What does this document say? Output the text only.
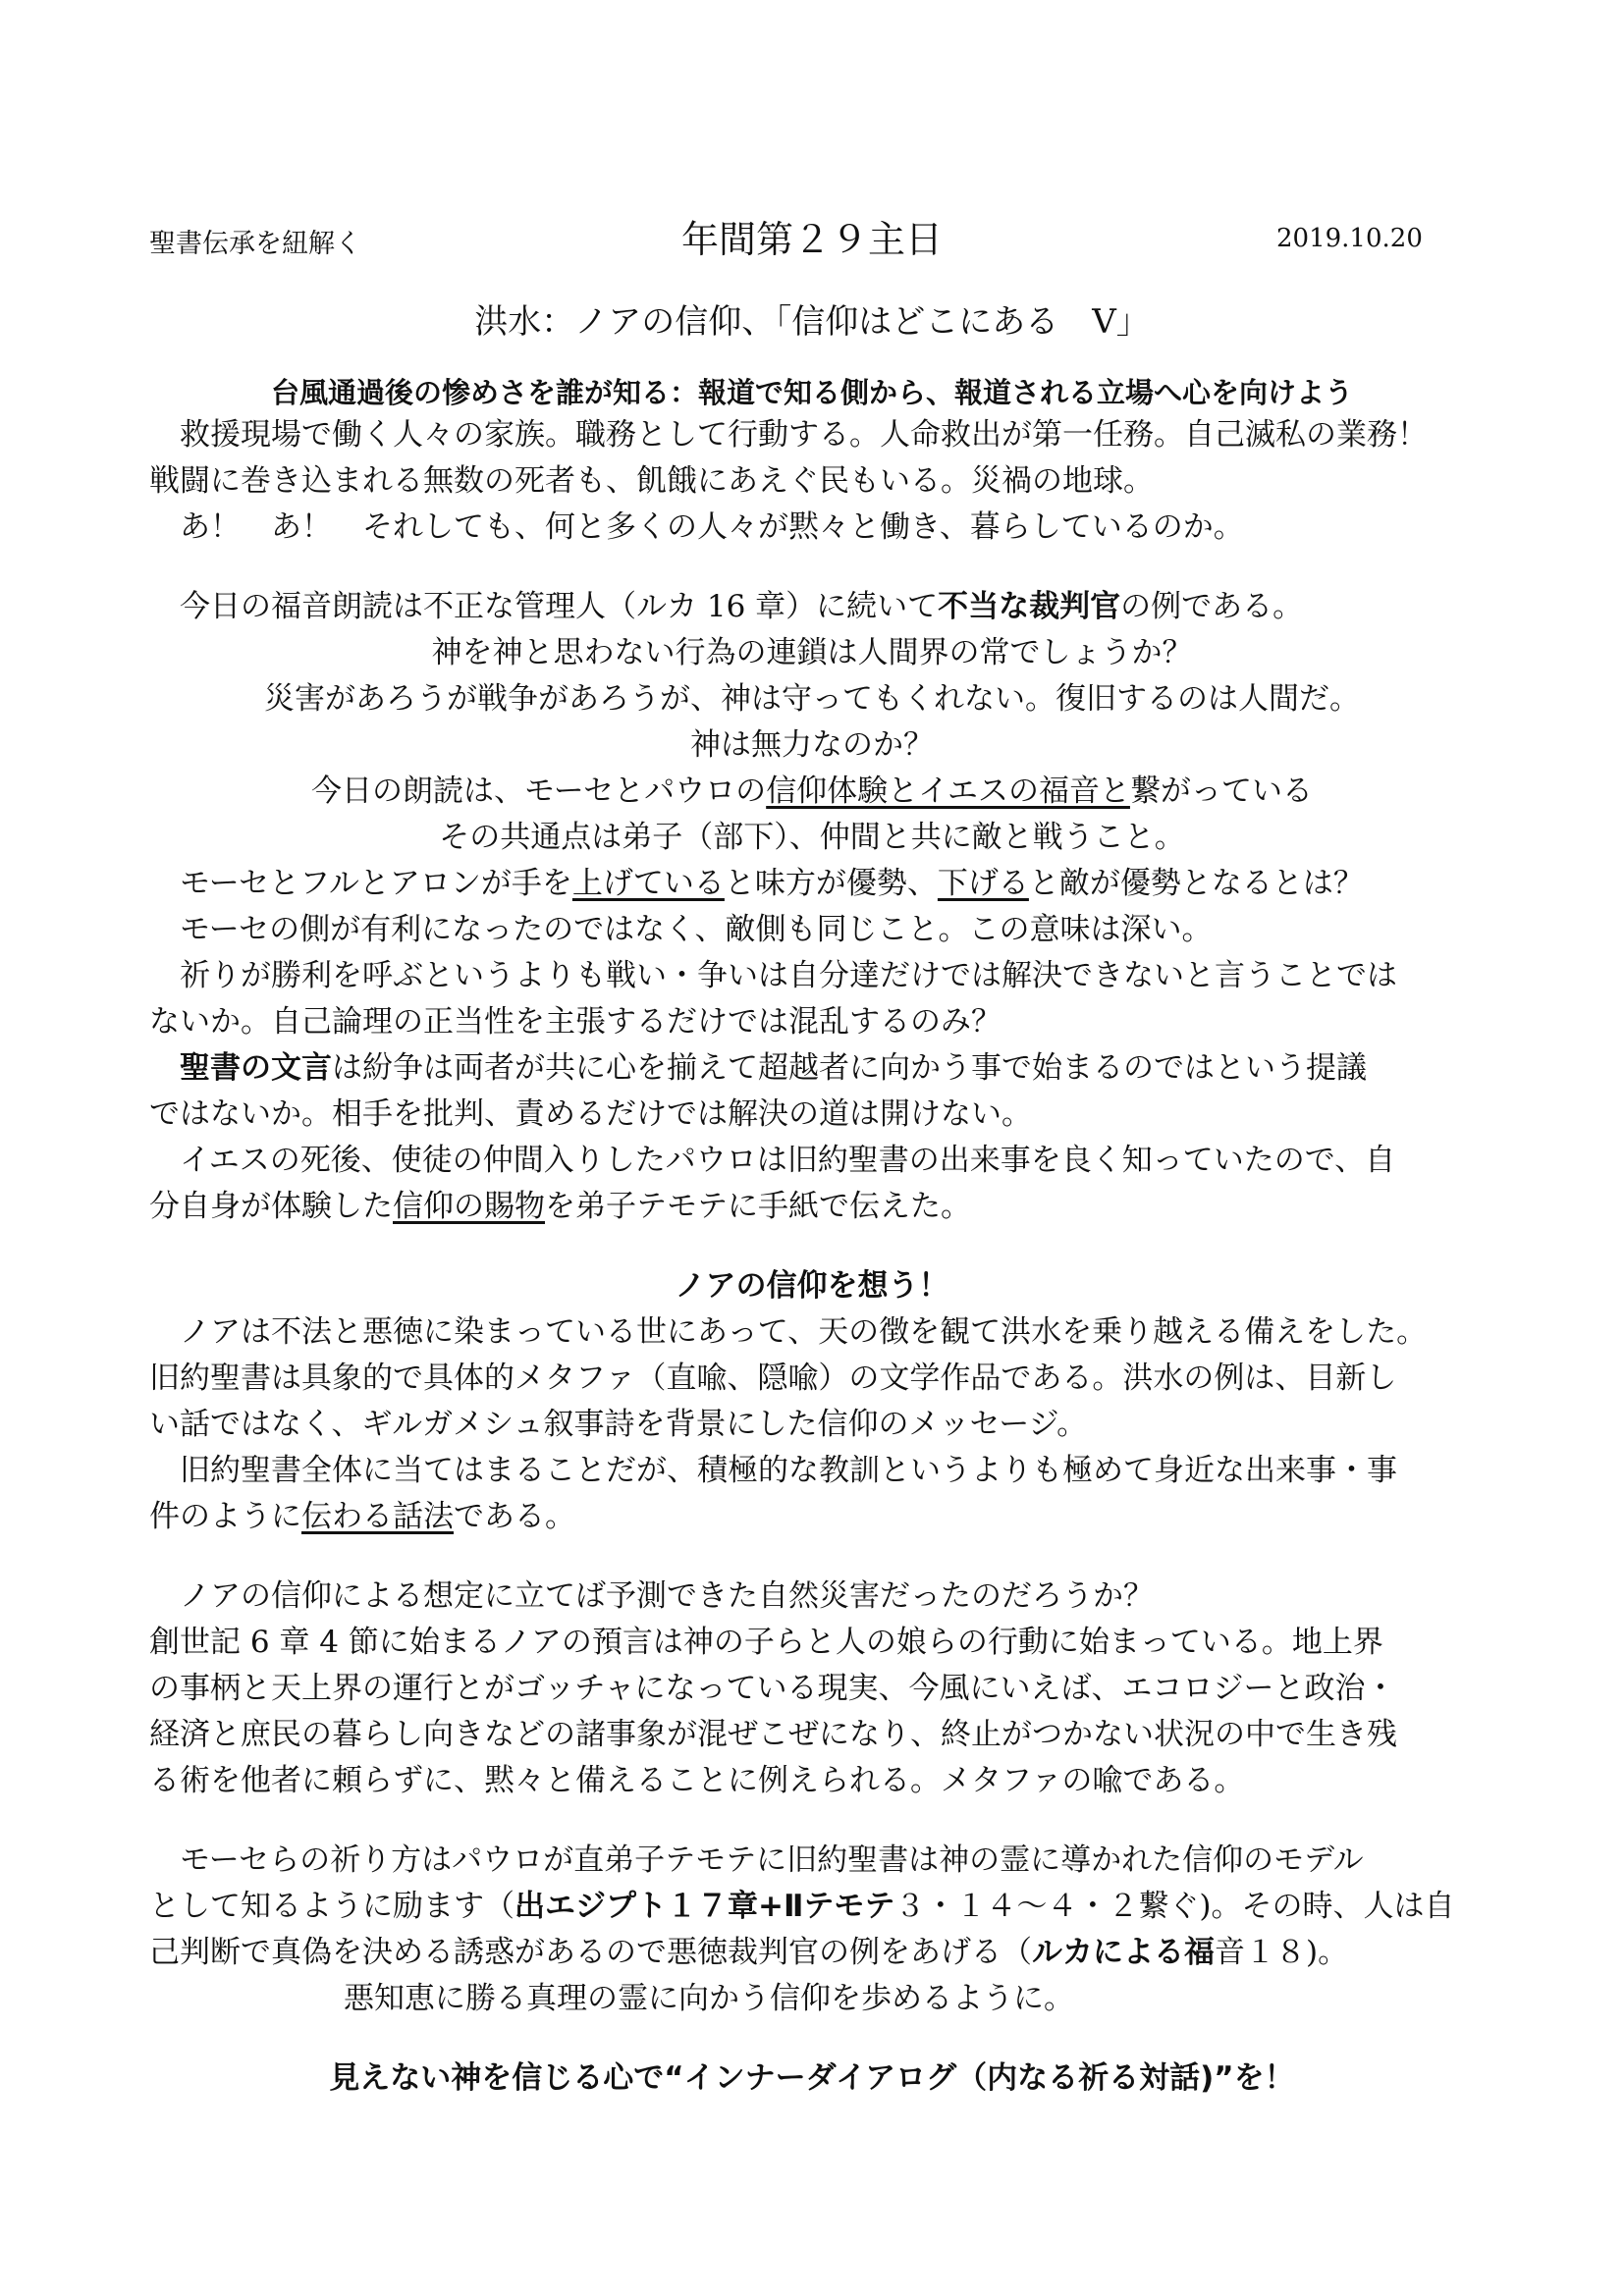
聖書伝承を紐解く	年間第２９主日	2019.10.20
洪水：ノアの信仰、「信仰はどこにある　V」
台風通過後の惨めさを誰が知る：報道で知る側から、報道される立場へ心を向けよう
　救援現場で働く人々の家族。職務として行動する。人命救出が第一任務。自己滅私の業務！
戦闘に巻き込まれる無数の死者も、飢餓にあえぐ民もいる。災禍の地球。
　あ！　あ！　それしても、何と多くの人々が黙々と働き、暮らしているのか。
　今日の福音朗読は不正な管理人（ルカ 16 章）に続いて不当な裁判官の例である。
神を神と思わない行為の連鎖は人間界の常でしょうか？
災害があろうが戦争があろうが、神は守ってもくれない。復旧するのは人間だ。
神は無力なのか？
今日の朗読は、モーセとパウロの信仰体験とイエスの福音と繋がっている
その共通点は弟子（部下）、仲間と共に敵と戦うこと。
　モーセとフルとアロンが手を上げていると味方が優勢、下げると敵が優勢となるとは？
　モーセの側が有利になったのではなく、敵側も同じこと。この意味は深い。
　祈りが勝利を呼ぶというよりも戦い・争いは自分達だけでは解決できないと言うことでは
ないか。自己論理の正当性を主張するだけでは混乱するのみ？
　聖書の文言は紛争は両者が共に心を揃えて超越者に向かう事で始まるのではという提議
ではないか。相手を批判、責めるだけでは解決の道は開けない。
　イエスの死後、使徒の仲間入りしたパウロは旧約聖書の出来事を良く知っていたので、自
分自身が体験した信仰の賜物を弟子テモテに手紙で伝えた。
ノアの信仰を想う！
　ノアは不法と悪徳に染まっている世にあって、天の徴を観て洪水を乗り越える備えをした。
旧約聖書は具象的で具体的メタファ（直喩、隠喩）の文学作品である。洪水の例は、目新し
い話ではなく、ギルガメシュ叙事詩を背景にした信仰のメッセージ。
　旧約聖書全体に当てはまることだが、積極的な教訓というよりも極めて身近な出来事・事
件のように伝わる話法である。
　ノアの信仰による想定に立てば予測できた自然災害だったのだろうか？
創世記 6 章 4 節に始まるノアの預言は神の子らと人の娘らの行動に始まっている。地上界
の事柄と天上界の運行とがゴッチャになっている現実、今風にいえば、エコロジーと政治・
経済と庶民の暮らし向きなどの諸事象が混ぜこぜになり、終止がつかない状況の中で生き残
る術を他者に頼らずに、黙々と備えることに例えられる。メタファの喩である。
　モーセらの祈り方はパウロが直弟子テモテに旧約聖書は神の霊に導かれた信仰のモデル
として知るように励ます（出エジプト１７章+Ⅱテモテ３・１４～４・２繋ぐ)。その時、人は自
己判断で真偽を決める誘惑があるので悪徳裁判官の例をあげる（ルカによる福音１８)。
悪知恵に勝る真理の霊に向かう信仰を歩めるように。
見えない神を信じる心で“インナーダイアログ（内なる祈る対話)”を！
